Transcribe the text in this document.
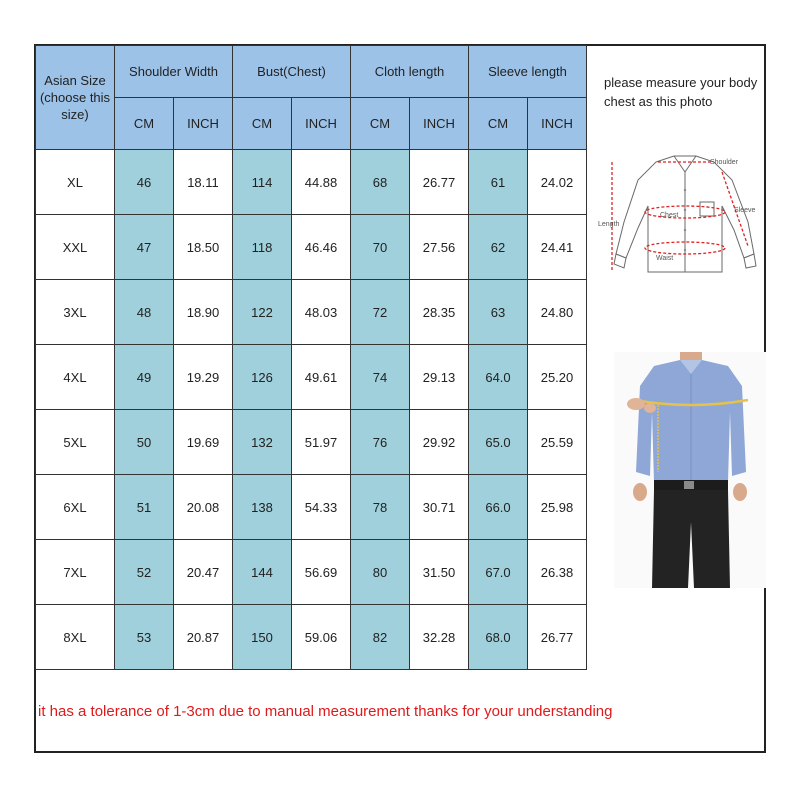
Asian Size (choose this size)	Shoulder Width		Bust(Chest)		Cloth length		Sleeve length	
	CM	INCH	CM	INCH	CM	INCH	CM	INCH
XL	46	18.11	114	44.88	68	26.77	61	24.02
XXL	47	18.50	118	46.46	70	27.56	62	24.41
3XL	48	18.90	122	48.03	72	28.35	63	24.80
4XL	49	19.29	126	49.61	74	29.13	64.0	25.20
5XL	50	19.69	132	51.97	76	29.92	65.0	25.59
6XL	51	20.08	138	54.33	78	30.71	66.0	25.98
7XL	52	20.47	144	56.69	80	31.50	67.0	26.38
8XL	53	20.87	150	59.06	82	32.28	68.0	26.77
please measure your body chest as this photo
Shoulder
Chest
Sleeve
Length
Waist
it has a tolerance of 1-3cm due to manual measurement thanks for your understanding
